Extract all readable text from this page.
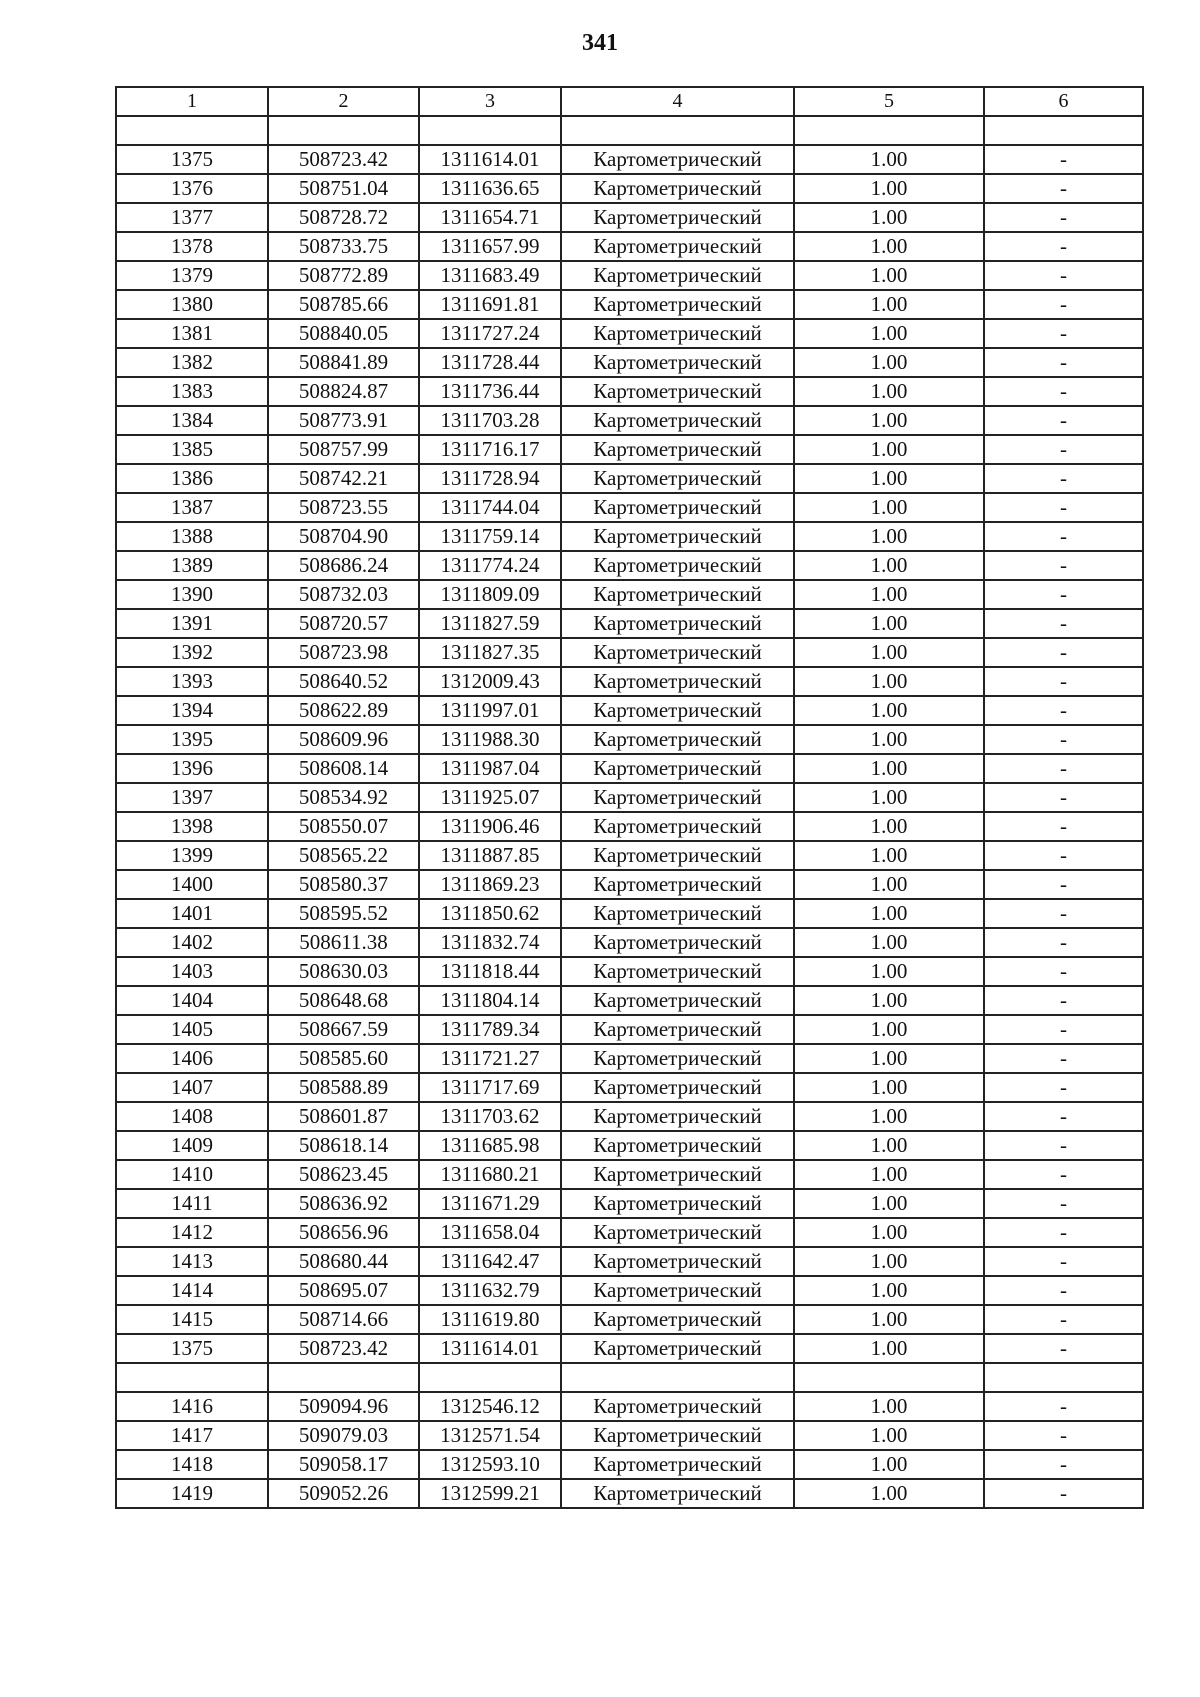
341
1	2	3	4	5	6

1375	508723.42	1311614.01	Картометрический	1.00	-
1376	508751.04	1311636.65	Картометрический	1.00	-
1377	508728.72	1311654.71	Картометрический	1.00	-
1378	508733.75	1311657.99	Картометрический	1.00	-
1379	508772.89	1311683.49	Картометрический	1.00	-
1380	508785.66	1311691.81	Картометрический	1.00	-
1381	508840.05	1311727.24	Картометрический	1.00	-
1382	508841.89	1311728.44	Картометрический	1.00	-
1383	508824.87	1311736.44	Картометрический	1.00	-
1384	508773.91	1311703.28	Картометрический	1.00	-
1385	508757.99	1311716.17	Картометрический	1.00	-
1386	508742.21	1311728.94	Картометрический	1.00	-
1387	508723.55	1311744.04	Картометрический	1.00	-
1388	508704.90	1311759.14	Картометрический	1.00	-
1389	508686.24	1311774.24	Картометрический	1.00	-
1390	508732.03	1311809.09	Картометрический	1.00	-
1391	508720.57	1311827.59	Картометрический	1.00	-
1392	508723.98	1311827.35	Картометрический	1.00	-
1393	508640.52	1312009.43	Картометрический	1.00	-
1394	508622.89	1311997.01	Картометрический	1.00	-
1395	508609.96	1311988.30	Картометрический	1.00	-
1396	508608.14	1311987.04	Картометрический	1.00	-
1397	508534.92	1311925.07	Картометрический	1.00	-
1398	508550.07	1311906.46	Картометрический	1.00	-
1399	508565.22	1311887.85	Картометрический	1.00	-
1400	508580.37	1311869.23	Картометрический	1.00	-
1401	508595.52	1311850.62	Картометрический	1.00	-
1402	508611.38	1311832.74	Картометрический	1.00	-
1403	508630.03	1311818.44	Картометрический	1.00	-
1404	508648.68	1311804.14	Картометрический	1.00	-
1405	508667.59	1311789.34	Картометрический	1.00	-
1406	508585.60	1311721.27	Картометрический	1.00	-
1407	508588.89	1311717.69	Картометрический	1.00	-
1408	508601.87	1311703.62	Картометрический	1.00	-
1409	508618.14	1311685.98	Картометрический	1.00	-
1410	508623.45	1311680.21	Картометрический	1.00	-
1411	508636.92	1311671.29	Картометрический	1.00	-
1412	508656.96	1311658.04	Картометрический	1.00	-
1413	508680.44	1311642.47	Картометрический	1.00	-
1414	508695.07	1311632.79	Картометрический	1.00	-
1415	508714.66	1311619.80	Картометрический	1.00	-
1375	508723.42	1311614.01	Картометрический	1.00	-

1416	509094.96	1312546.12	Картометрический	1.00	-
1417	509079.03	1312571.54	Картометрический	1.00	-
1418	509058.17	1312593.10	Картометрический	1.00	-
1419	509052.26	1312599.21	Картометрический	1.00	-
